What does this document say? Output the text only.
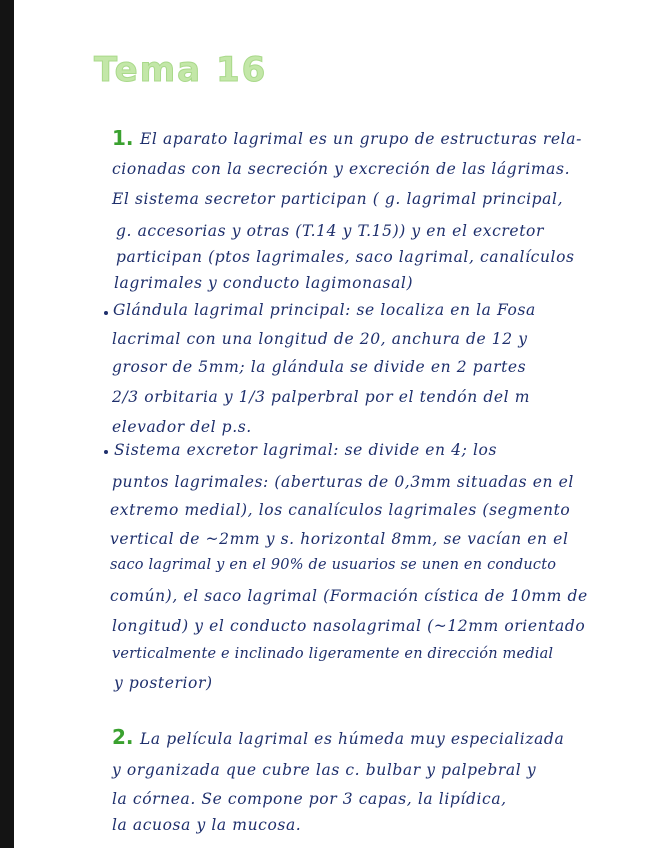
Tema 16
1. El aparato lagrimal es un grupo de estructuras rela-
cionadas con la secreción y excreción de las lágrimas.
El sistema secretor participan ( g. lagrimal principal,
g. accesorias y otras (T.14 y T.15)) y en el excretor
participan (ptos lagrimales, saco lagrimal, canalículos
lagrimales y conducto lagimonasal)
Glándula lagrimal principal: se localiza en la Fosa
lacrimal con una longitud de 20, anchura de 12 y
grosor de 5mm; la glándula se divide en 2 partes
2/3 orbitaria y 1/3 palperbral por el tendón del m
elevador del p.s.
Sistema excretor lagrimal: se divide en 4; los
puntos lagrimales: (aberturas de 0,3mm situadas en el
extremo medial), los canalículos lagrimales (segmento
vertical de ~2mm y s. horizontal 8mm, se vacían en el
saco lagrimal y en el 90% de usuarios se unen en conducto
común), el saco lagrimal (Formación cística de 10mm de
longitud) y el conducto nasolagrimal (~12mm orientado
verticalmente e inclinado ligeramente en dirección medial
y posterior)
2. La película lagrimal es húmeda muy especializada
y organizada que cubre las c. bulbar y palpebral y
la córnea. Se compone por 3 capas, la lipídica,
la acuosa y la mucosa.
